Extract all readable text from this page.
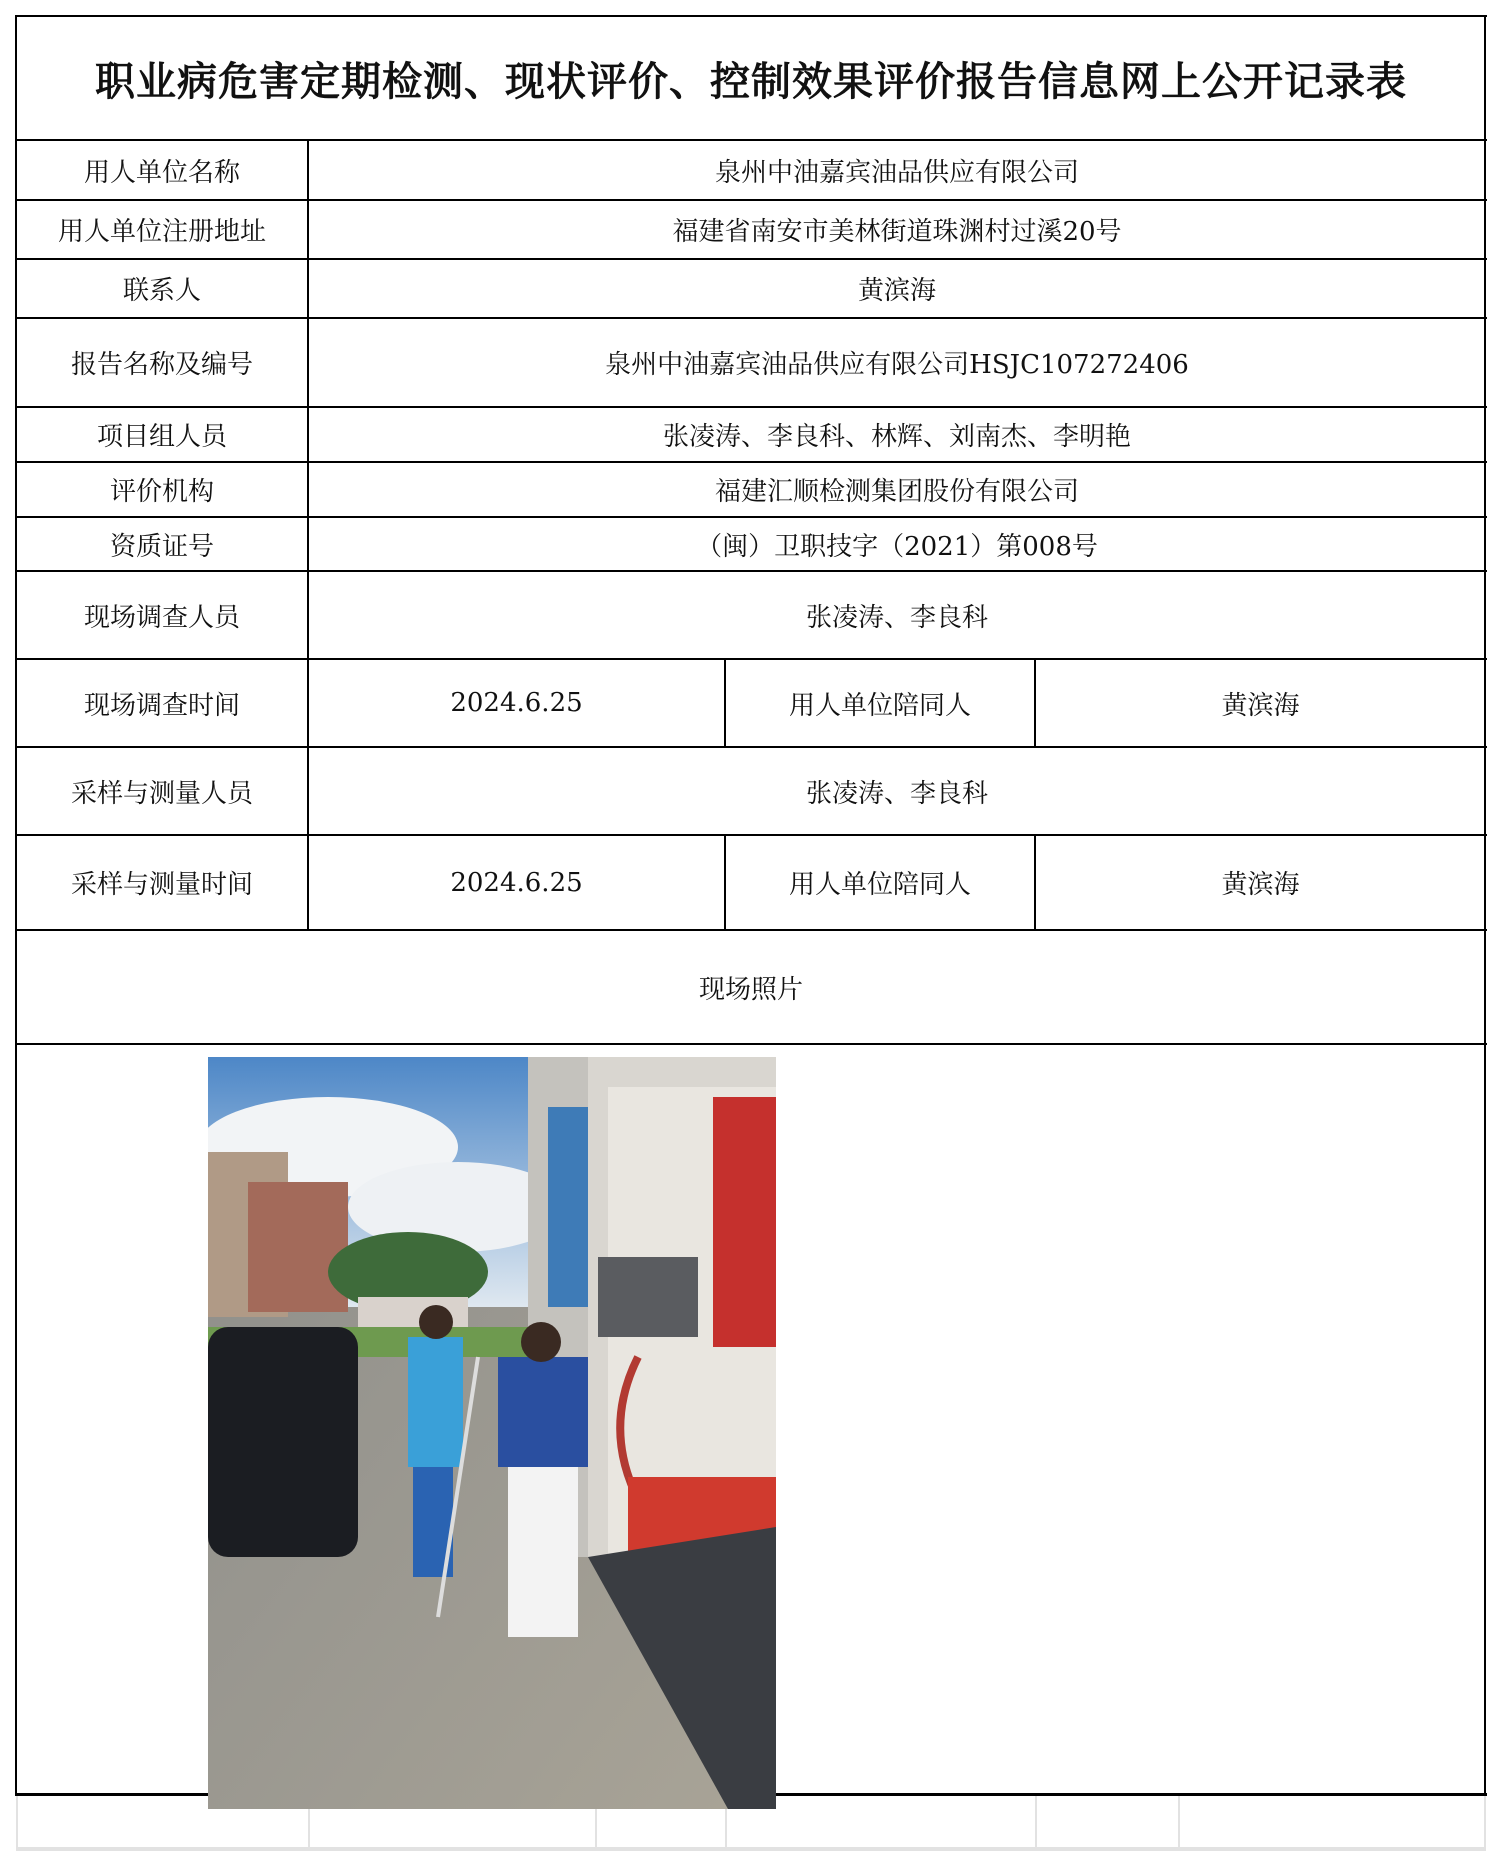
职业病危害定期检测、现状评价、控制效果评价报告信息网上公开记录表
用人单位名称	泉州中油嘉宾油品供应有限公司
用人单位注册地址	福建省南安市美林街道珠渊村过溪20号
联系人	黄滨海
报告名称及编号	泉州中油嘉宾油品供应有限公司HSJC107272406
项目组人员	张凌涛、李良科、林辉、刘南杰、李明艳
评价机构	福建汇顺检测集团股份有限公司
资质证号	（闽）卫职技字（2021）第008号
现场调查人员	张凌涛、李良科
现场调查时间	2024.6.25	用人单位陪同人	黄滨海
采样与测量人员	张凌涛、李良科
采样与测量时间	2024.6.25	用人单位陪同人	黄滨海
现场照片
